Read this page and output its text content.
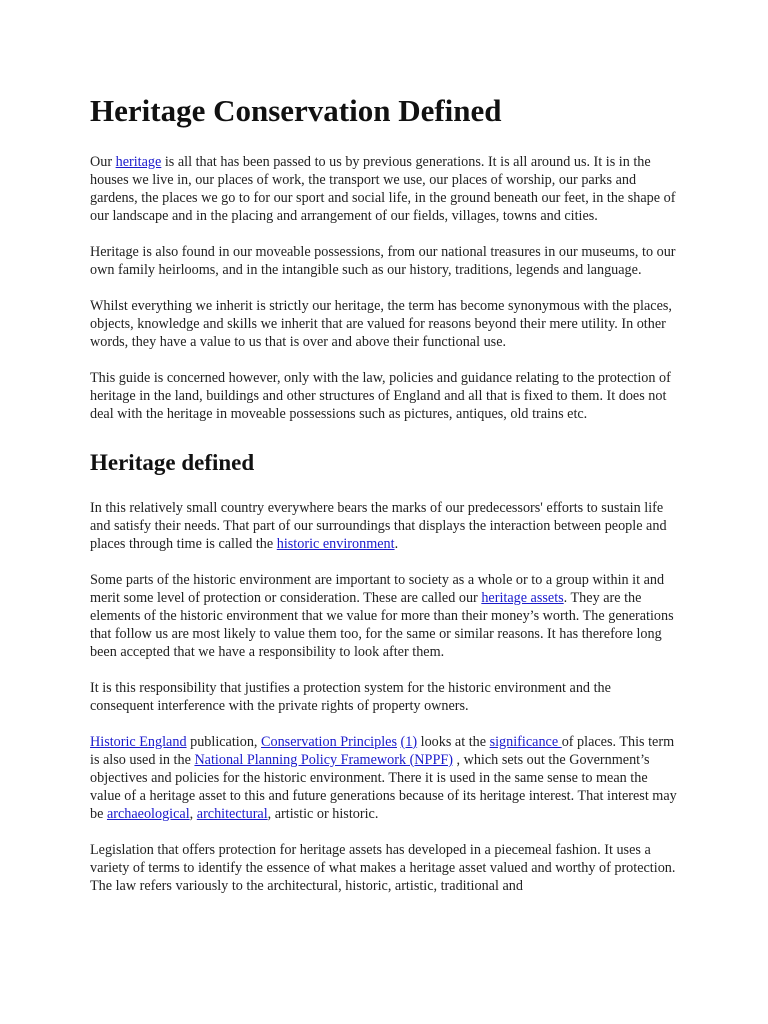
Heritage Conservation Defined

Our heritage is all that has been passed to us by previous generations. It is all around us. It is in the houses we live in, our places of work, the transport we use, our places of worship, our parks and gardens, the places we go to for our sport and social life, in the ground beneath our feet, in the shape of our landscape and in the placing and arrangement of our fields, villages, towns and cities.

Heritage is also found in our moveable possessions, from our national treasures in our museums, to our own family heirlooms, and in the intangible such as our history, traditions, legends and language.

Whilst everything we inherit is strictly our heritage, the term has become synonymous with the places, objects, knowledge and skills we inherit that are valued for reasons beyond their mere utility. In other words, they have a value to us that is over and above their functional use.

This guide is concerned however, only with the law, policies and guidance relating to the protection of heritage in the land, buildings and other structures of England and all that is fixed to them. It does not deal with the heritage in moveable possessions such as pictures, antiques, old trains etc.

Heritage defined

In this relatively small country everywhere bears the marks of our predecessors' efforts to sustain life and satisfy their needs. That part of our surroundings that displays the interaction between people and places through time is called the historic environment.

Some parts of the historic environment are important to society as a whole or to a group within it and merit some level of protection or consideration. These are called our heritage assets. They are the elements of the historic environment that we value for more than their money’s worth. The generations that follow us are most likely to value them too, for the same or similar reasons. It has therefore long been accepted that we have a responsibility to look after them.

It is this responsibility that justifies a protection system for the historic environment and the consequent interference with the private rights of property owners.

Historic England publication, Conservation Principles (1) looks at the significance of places. This term is also used in the National Planning Policy Framework (NPPF) , which sets out the Government’s objectives and policies for the historic environment. There it is used in the same sense to mean the value of a heritage asset to this and future generations because of its heritage interest. That interest may be archaeological, architectural, artistic or historic.

Legislation that offers protection for heritage assets has developed in a piecemeal fashion. It uses a variety of terms to identify the essence of what makes a heritage asset valued and worthy of protection. The law refers variously to the architectural, historic, artistic, traditional and
